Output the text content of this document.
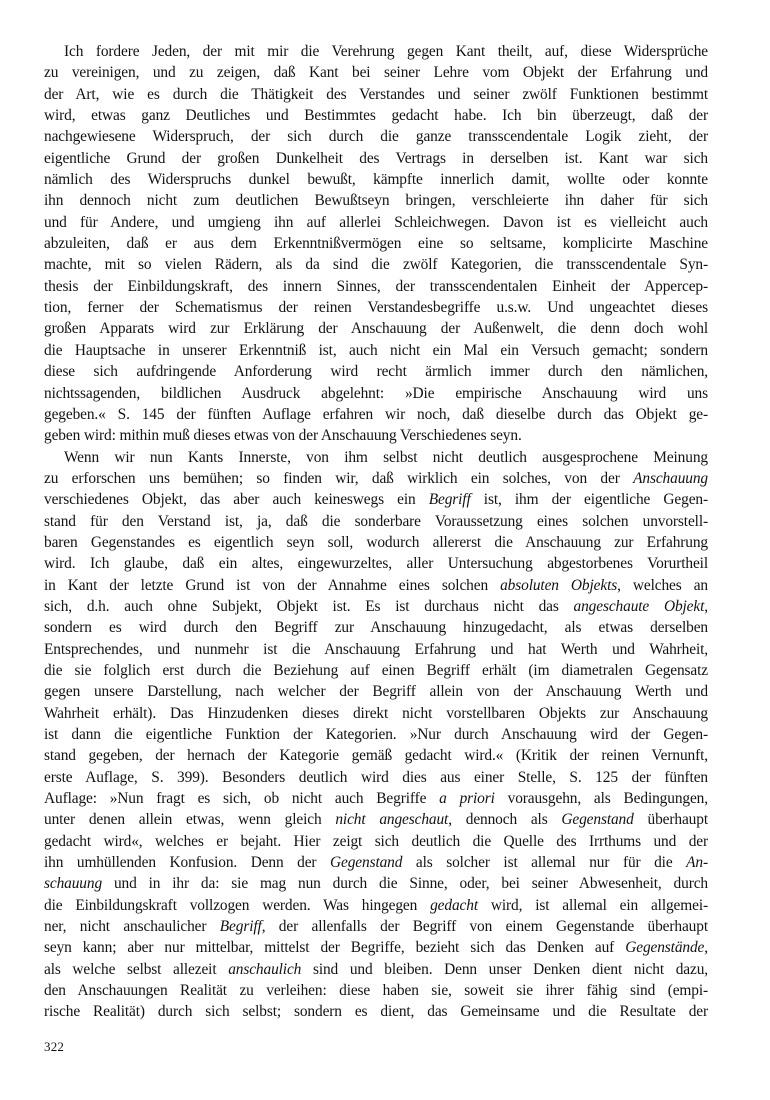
Ich fordere Jeden, der mit mir die Verehrung gegen Kant theilt, auf, diese Widersprüche
zu vereinigen, und zu zeigen, daß Kant bei seiner Lehre vom Objekt der Erfahrung und
der Art, wie es durch die Thätigkeit des Verstandes und seiner zwölf Funktionen bestimmt
wird, etwas ganz Deutliches und Bestimmtes gedacht habe. Ich bin überzeugt, daß der
nachgewiesene Widerspruch, der sich durch die ganze transscendentale Logik zieht, der
eigentliche Grund der großen Dunkelheit des Vertrags in derselben ist. Kant war sich
nämlich des Widerspruchs dunkel bewußt, kämpfte innerlich damit, wollte oder konnte
ihn dennoch nicht zum deutlichen Bewußtseyn bringen, verschleierte ihn daher für sich
und für Andere, und umgieng ihn auf allerlei Schleichwegen. Davon ist es vielleicht auch
abzuleiten, daß er aus dem Erkenntnißvermögen eine so seltsame, komplicirte Maschine
machte, mit so vielen Rädern, als da sind die zwölf Kategorien, die transscendentale Syn-
thesis der Einbildungskraft, des innern Sinnes, der transscendentalen Einheit der Appercep-
tion, ferner der Schematismus der reinen Verstandesbegriffe u.s.w. Und ungeachtet dieses
großen Apparats wird zur Erklärung der Anschauung der Außenwelt, die denn doch wohl
die Hauptsache in unserer Erkenntniß ist, auch nicht ein Mal ein Versuch gemacht; sondern
diese sich aufdringende Anforderung wird recht ärmlich immer durch den nämlichen,
nichtssagenden, bildlichen Ausdruck abgelehnt: »Die empirische Anschauung wird uns
gegeben.« S. 145 der fünften Auflage erfahren wir noch, daß dieselbe durch das Objekt ge-
geben wird: mithin muß dieses etwas von der Anschauung Verschiedenes seyn.
Wenn wir nun Kants Innerste, von ihm selbst nicht deutlich ausgesprochene Meinung
zu erforschen uns bemühen; so finden wir, daß wirklich ein solches, von der Anschauung
verschiedenes Objekt, das aber auch keineswegs ein Begriff ist, ihm der eigentliche Gegen-
stand für den Verstand ist, ja, daß die sonderbare Voraussetzung eines solchen unvorstell-
baren Gegenstandes es eigentlich seyn soll, wodurch allererst die Anschauung zur Erfahrung
wird. Ich glaube, daß ein altes, eingewurzeltes, aller Untersuchung abgestorbenes Vorurtheil
in Kant der letzte Grund ist von der Annahme eines solchen absoluten Objekts, welches an
sich, d.h. auch ohne Subjekt, Objekt ist. Es ist durchaus nicht das angeschaute Objekt,
sondern es wird durch den Begriff zur Anschauung hinzugedacht, als etwas derselben
Entsprechendes, und nunmehr ist die Anschauung Erfahrung und hat Werth und Wahrheit,
die sie folglich erst durch die Beziehung auf einen Begriff erhält (im diametralen Gegensatz
gegen unsere Darstellung, nach welcher der Begriff allein von der Anschauung Werth und
Wahrheit erhält). Das Hinzudenken dieses direkt nicht vorstellbaren Objekts zur Anschauung
ist dann die eigentliche Funktion der Kategorien. »Nur durch Anschauung wird der Gegen-
stand gegeben, der hernach der Kategorie gemäß gedacht wird.« (Kritik der reinen Vernunft,
erste Auflage, S. 399). Besonders deutlich wird dies aus einer Stelle, S. 125 der fünften
Auflage: »Nun fragt es sich, ob nicht auch Begriffe a priori vorausgehn, als Bedingungen,
unter denen allein etwas, wenn gleich nicht angeschaut, dennoch als Gegenstand überhaupt
gedacht wird«, welches er bejaht. Hier zeigt sich deutlich die Quelle des Irrthums und der
ihn umhüllenden Konfusion. Denn der Gegenstand als solcher ist allemal nur für die An-
schauung und in ihr da: sie mag nun durch die Sinne, oder, bei seiner Abwesenheit, durch
die Einbildungskraft vollzogen werden. Was hingegen gedacht wird, ist allemal ein allgemei-
ner, nicht anschaulicher Begriff, der allenfalls der Begriff von einem Gegenstande überhaupt
seyn kann; aber nur mittelbar, mittelst der Begriffe, bezieht sich das Denken auf Gegenstände,
als welche selbst allezeit anschaulich sind und bleiben. Denn unser Denken dient nicht dazu,
den Anschauungen Realität zu verleihen: diese haben sie, soweit sie ihrer fähig sind (empi-
rische Realität) durch sich selbst; sondern es dient, das Gemeinsame und die Resultate der
322
